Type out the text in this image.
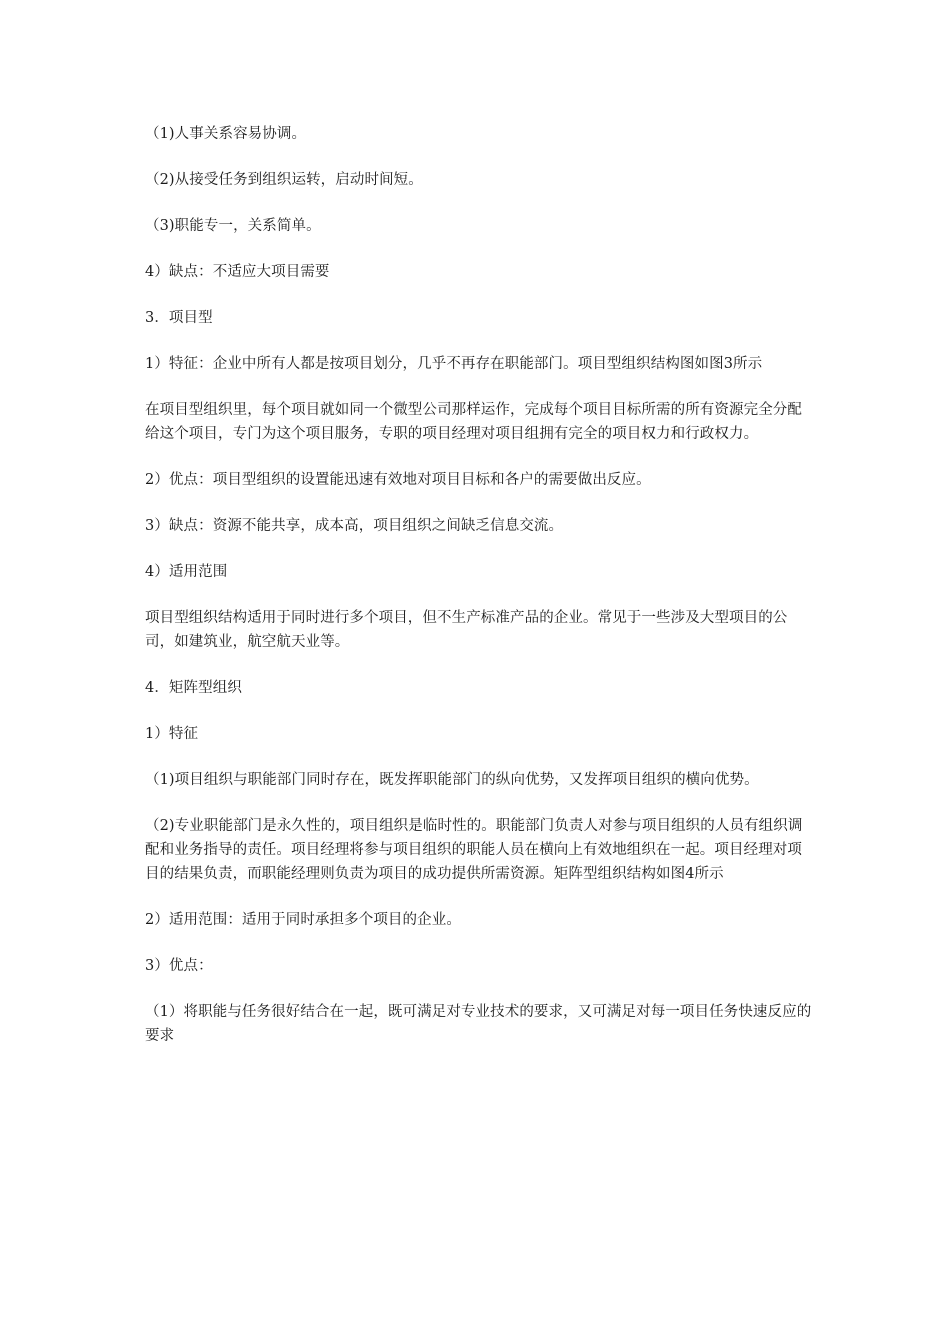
（1)人事关系容易协调。

（2)从接受任务到组织运转，启动时间短。

（3)职能专一，关系简单。

4）缺点：不适应大项目需要

3．项目型

1）特征：企业中所有人都是按项目划分，几乎不再存在职能部门。项目型组织结构图如图3所示

在项目型组织里，每个项目就如同一个微型公司那样运作，完成每个项目目标所需的所有资源完全分配给这个项目，专门为这个项目服务，专职的项目经理对项目组拥有完全的项目权力和行政权力。

2）优点：项目型组织的设置能迅速有效地对项目目标和各户的需要做出反应。

3）缺点：资源不能共享，成本高，项目组织之间缺乏信息交流。

4）适用范围

项目型组织结构适用于同时进行多个项目，但不生产标准产品的企业。常见于一些涉及大型项目的公司，如建筑业，航空航天业等。

4．矩阵型组织

1）特征

（1)项目组织与职能部门同时存在，既发挥职能部门的纵向优势，又发挥项目组织的横向优势。

（2)专业职能部门是永久性的，项目组织是临时性的。职能部门负责人对参与项目组织的人员有组织调配和业务指导的责任。项目经理将参与项目组织的职能人员在横向上有效地组织在一起。项目经理对项目的结果负责，而职能经理则负责为项目的成功提供所需资源。矩阵型组织结构如图4所示

2）适用范围：适用于同时承担多个项目的企业。

3）优点：

（1）将职能与任务很好结合在一起，既可满足对专业技术的要求，又可满足对每一项目任务快速反应的要求
